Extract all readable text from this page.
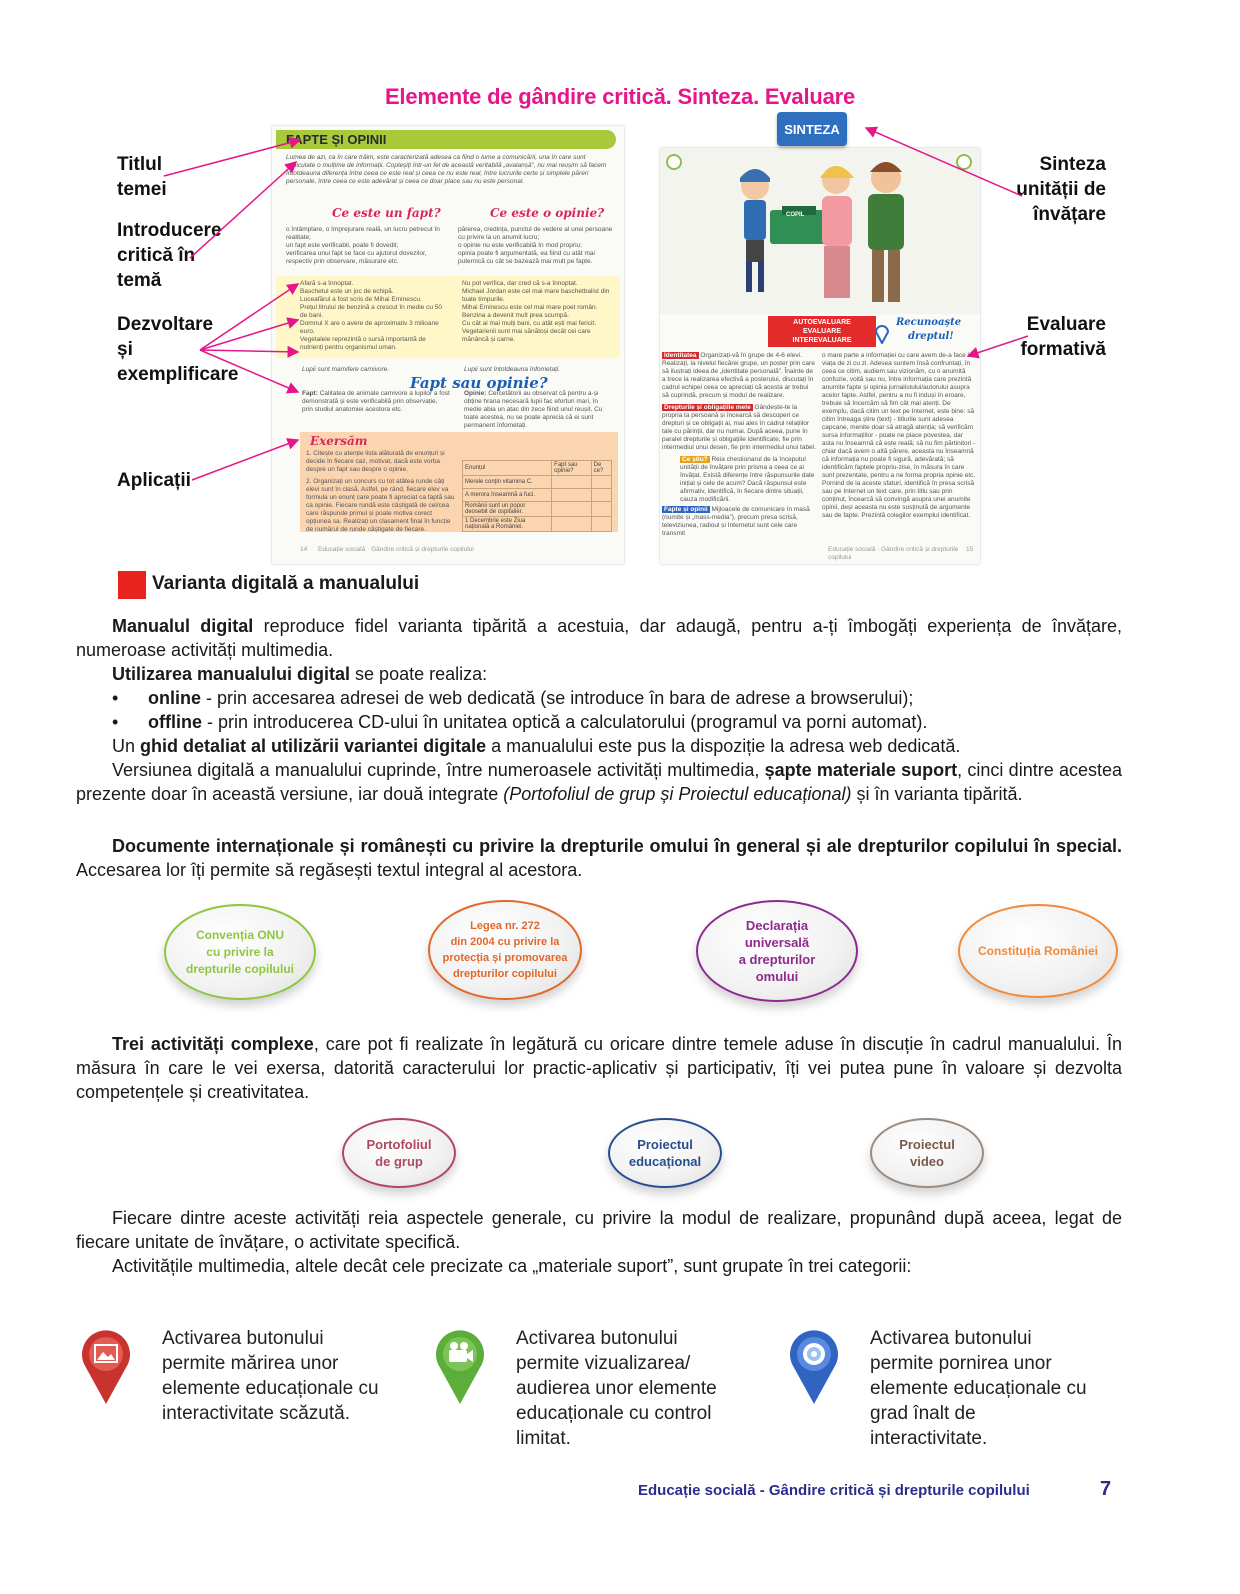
Elemente de gândire critică. Sinteza. Evaluare
Titlul
temei
Introducere
critică în
temă
Dezvoltare
și
exemplificare
Aplicații
Sinteza
unității de
învățare
Evaluare
formativă
FAPTE ȘI OPINII
Lumea de azi, ca în care trăim, este caracterizată adesea ca fiind o lume a comunicării, una în care sunt vehiculate o mulțime de informații. Copleșiți într-un fel de această veritabilă „avalanșă”, nu mai reușim să facem întotdeauna diferența între ceea ce este real și ceea ce nu este real, între lucrurile certe și simplele păreri personale, între ceea ce este adevărat și ceea ce doar place sau nu este personal.
Ce este un fapt?	Ce este o opinie?
o întâmplare, o împrejurare reală, un lucru petrecut în realitate;
un fapt este verificabil, poate fi dovedit;
verificarea unui fapt se face cu ajutorul dovezilor, respectiv prin observare, măsurare etc.
părerea, credința, punctul de vedere al unei persoane cu privire la un anumit lucru;
o opinie nu este verificabilă în mod propriu;
opinia poate fi argumentată, ea fiind cu atât mai puternică cu cât se bazează mai mult pe fapte.
Afară s-a înnoptat.
Baschetul este un joc de echipă.
Luceafărul a fost scris de Mihai Eminescu.
Prețul litrului de benzină a crescut în medie cu 50 de bani.
Domnul X are o avere de aproximativ 3 milioane euro.
Vegetalele reprezintă o sursă importantă de nutrienți pentru organismul uman.
Nu pot verifica, dar cred că s-a înnoptat.
Michael Jordan este cel mai mare baschetbalist din toate timpurile.
Mihai Eminescu este cel mai mare poet român.
Benzina a devenit mult prea scumpă.
Cu cât ai mai mulți bani, cu atât ești mai fericit.
Vegetarienii sunt mai sănătoși decât cei care mănâncă și carne.
Lupii sunt mamifere carnivore.	Lupii sunt întotdeauna înfometați.
Fapt sau opinie?
Fapt: Calitatea de animale carnivore a lupilor a fost demonstrată și este verificabilă prin observație, prin studiul anatomiei acestora etc.
Opinie: Cercetătorii au observat că pentru a-și obține hrana necesară lupii fac eforturi mari, în medie abia un atac din zece fiind unul reușit. Cu toate acestea, nu se poate aprecia că ei sunt permanent înfometați.
Exersăm
1. Citește cu atenție lista alăturată de enunțuri și decide în fiecare caz, motivat, dacă este vorba despre un fapt sau despre o opinie.
2. Organizați un concurs cu tot atâtea runde câți elevi sunt în clasă. Astfel, pe rând, fiecare elev va formula un enunț care poate fi apreciat ca faptă sau ca opinie. Fiecare rundă este câștigată de cel/cea care răspunde primul și poate motiva corect opțiunea sa. Realizați un clasament final în funcție de numărul de runde câștigate de fiecare.
Enunțul	Fapt sau opinie?	De ce?
Merele conțin vitamina C.		
A merora înseamnă a fuci.		
Românii sunt un popor deosebit de ospitalier.		
1 Decembrie este Ziua națională a României.		
14 Educație socială · Gândire critică și drepturile copilului
COPIL
AUTOEVALUARE
EVALUARE
INTEREVALUARE
Recunoaște
dreptul!
Identitatea Organizați-vă în grupe de 4-6 elevi. Realizați, la nivelul fiecărei grupe, un poster prin care să ilustrați ideea de „identitate personală”. Înainte de a trece la realizarea efectivă a posterului, discutați în cadrul echipei ceea ce apreciați că acesta ar trebui să cuprindă, precum și modul de realizare.
Drepturile și obligațiile mele Gândește-te la propria ta persoană și încearcă să descoperi ce drepturi și ce obligații ai, mai ales în cadrul relațiilor tale cu părinții, dar nu numai. După aceea, pune în paralel drepturile și obligațiile identificate, fie prin intermediul unui desen, fie prin intermediul unui tabel.
Ce știu? Reia chestionarul de la începutul unității de învățare prin prisma a ceea ce ai învățat. Există diferențe între răspunsurile date inițial și cele de acum? Dacă răspunsul este afirmativ, identifică, în fiecare dintre situații, cauza modificării.
Fapte și opinii Mijloacele de comunicare în masă (numite și „mass-media”), precum presa scrisă, televiziunea, radioul și Internetul sunt cele care transmit
o mare parte a informației cu care avem de-a face în viața de zi cu zi. Adesea suntem însă confruntați, în ceea ce citim, audiem sau vizionăm, cu o anumită confuzie, voită sau nu, între informația care prezintă anumite fapte și opinia jurnalistului/autorului asupra acelor fapte. Astfel, pentru a nu fi induși în eroare, trebuie să încercăm să fim cât mai atenți. De exemplu, dacă citim un text pe Internet, este bine: să citim întreaga știre (text) - titlurile sunt adesea capcane, menite doar să atragă atenția; să verificăm sursa informațiilor - poate ne place povestea, dar asta nu înseamnă că este reală; să nu fim părtinitori - chiar dacă avem o altă părere, aceasta nu înseamnă că informația nu poate fi sigură, adevărată; să identificăm faptele propriu-zise, în măsura în care sunt prezentate, pentru a ne forma propria opinie etc. Pornind de la aceste sfaturi, identifică în presa scrisă sau pe Internet un text care, prin titlu sau prin conținut, încearcă să convingă asupra unei anumite opinii, deși aceasta nu este susținută de argumente sau de fapte. Prezintă colegilor exemplul identificat.
Educație socială · Gândire critică și drepturile copilului
15
SINTEZA
Varianta digitală a manualului
Manualul digital reproduce fidel varianta tipărită a acestuia, dar adaugă, pentru a-ți îmbogăți experiența de învățare, numeroase activități multimedia.
Utilizarea manualului digital se poate realiza:
• online - prin accesarea adresei de web dedicată (se introduce în bara de adrese a browserului);
• offline - prin introducerea CD-ului în unitatea optică a calculatorului (programul va porni automat).
Un ghid detaliat al utilizării variantei digitale a manualului este pus la dispoziție la adresa web dedicată.
Versiunea digitală a manualului cuprinde, între numeroasele activități multimedia, șapte materiale suport, cinci dintre acestea prezente doar în această versiune, iar două integrate (Portofoliul de grup și Proiectul educațional) și în varianta tipărită.
Documente internaționale și românești cu privire la drepturile omului în general și ale drepturilor copilului în special. Accesarea lor îți permite să regăsești textul integral al acestora.
Convenția ONU
cu privire la
drepturile copilului
Legea nr. 272
din 2004 cu privire la
protecția și promovarea
drepturilor copilului
Declarația
universală
a drepturilor
omului
Constituția României
Trei activități complexe, care pot fi realizate în legătură cu oricare dintre temele aduse în discuție în cadrul manualului. În măsura în care le vei exersa, datorită caracterului lor practic-aplicativ și participativ, îți vei putea pune în valoare și dezvolta competențele și creativitatea.
Portofoliul
de grup
Proiectul
educațional
Proiectul
video
Fiecare dintre aceste activități reia aspectele generale, cu privire la modul de realizare, propunând după aceea, legat de fiecare unitate de învățare, o activitate specifică.
Activitățile multimedia, altele decât cele precizate ca „materiale suport”, sunt grupate în trei categorii:
Activarea butonului
permite mărirea unor
elemente educaționale cu
interactivitate scăzută.
Activarea butonului
permite vizualizarea/
audierea unor elemente
educaționale cu control
limitat.
Activarea butonului
permite pornirea unor
elemente educaționale cu
grad înalt de
interactivitate.
Educație socială - Gândire critică și drepturile copilului	7
